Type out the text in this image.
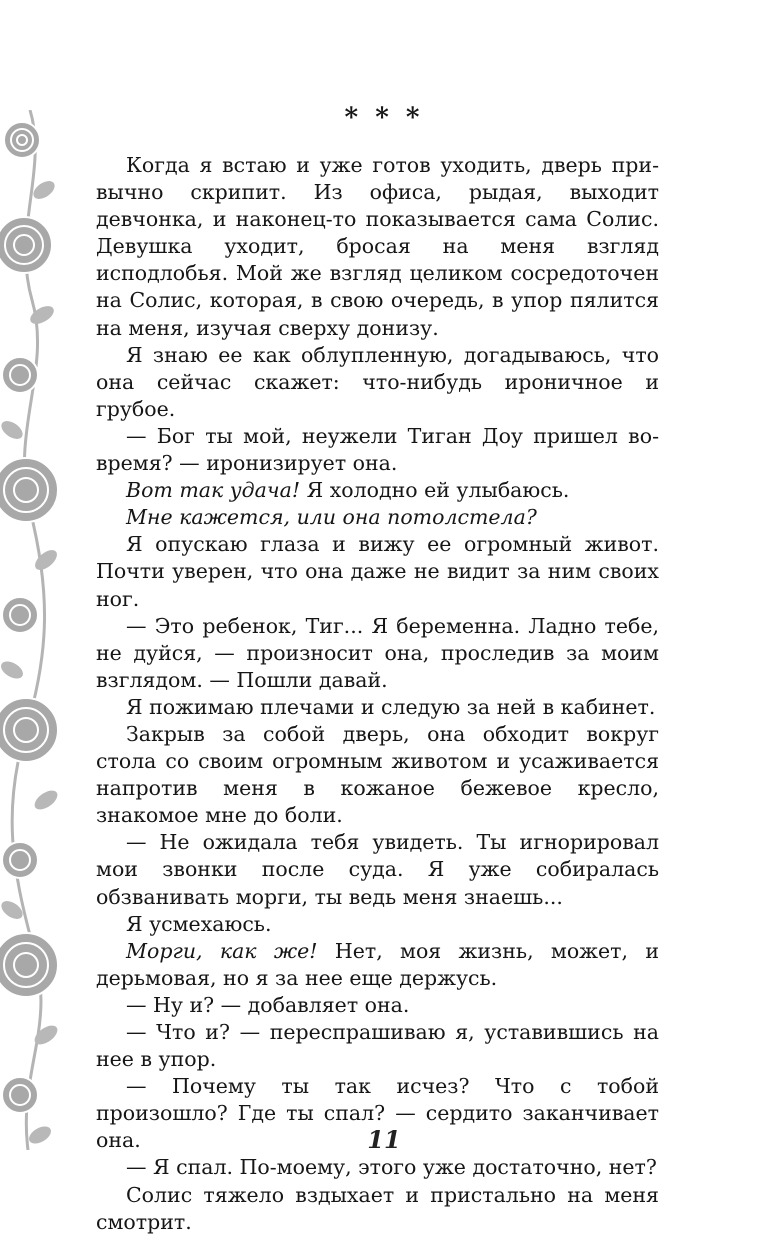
* * *

Когда я встаю и уже готов уходить, дверь привычно скрипит. Из офиса, рыдая, выходит девчонка, и наконец-то показывается сама Солис. Девушка уходит, бросая на меня взгляд исподлобья. Мой же взгляд целиком сосредоточен на Солис, которая, в свою очередь, в упор пялится на меня, изучая сверху донизу.

Я знаю ее как облупленную, догадываюсь, что она сейчас скажет: что-нибудь ироничное и грубое.

— Бог ты мой, неужели Тиган Доу пришел вовремя? — иронизирует она.

Вот так удача! Я холодно ей улыбаюсь.

Мне кажется, или она потолстела?

Я опускаю глаза и вижу ее огромный живот. Почти уверен, что она даже не видит за ним своих ног.

— Это ребенок, Тиг... Я беременна. Ладно тебе, не дуйся, — произносит она, проследив за моим взглядом. — Пошли давай.

Я пожимаю плечами и следую за ней в кабинет.

Закрыв за собой дверь, она обходит вокруг стола со своим огромным животом и усаживается напротив меня в кожаное бежевое кресло, знакомое мне до боли.

— Не ожидала тебя увидеть. Ты игнорировал мои звонки после суда. Я уже собиралась обзванивать морги, ты ведь меня знаешь...

Я усмехаюсь.

Морги, как же! Нет, моя жизнь, может, и дерьмовая, но я за нее еще держусь.

— Ну и? — добавляет она.

— Что и? — переспрашиваю я, уставившись на нее в упор.

— Почему ты так исчез? Что с тобой произошло? Где ты спал? — сердито заканчивает она.

— Я спал. По-моему, этого уже достаточно, нет?

Солис тяжело вздыхает и пристально на меня смотрит.

11
